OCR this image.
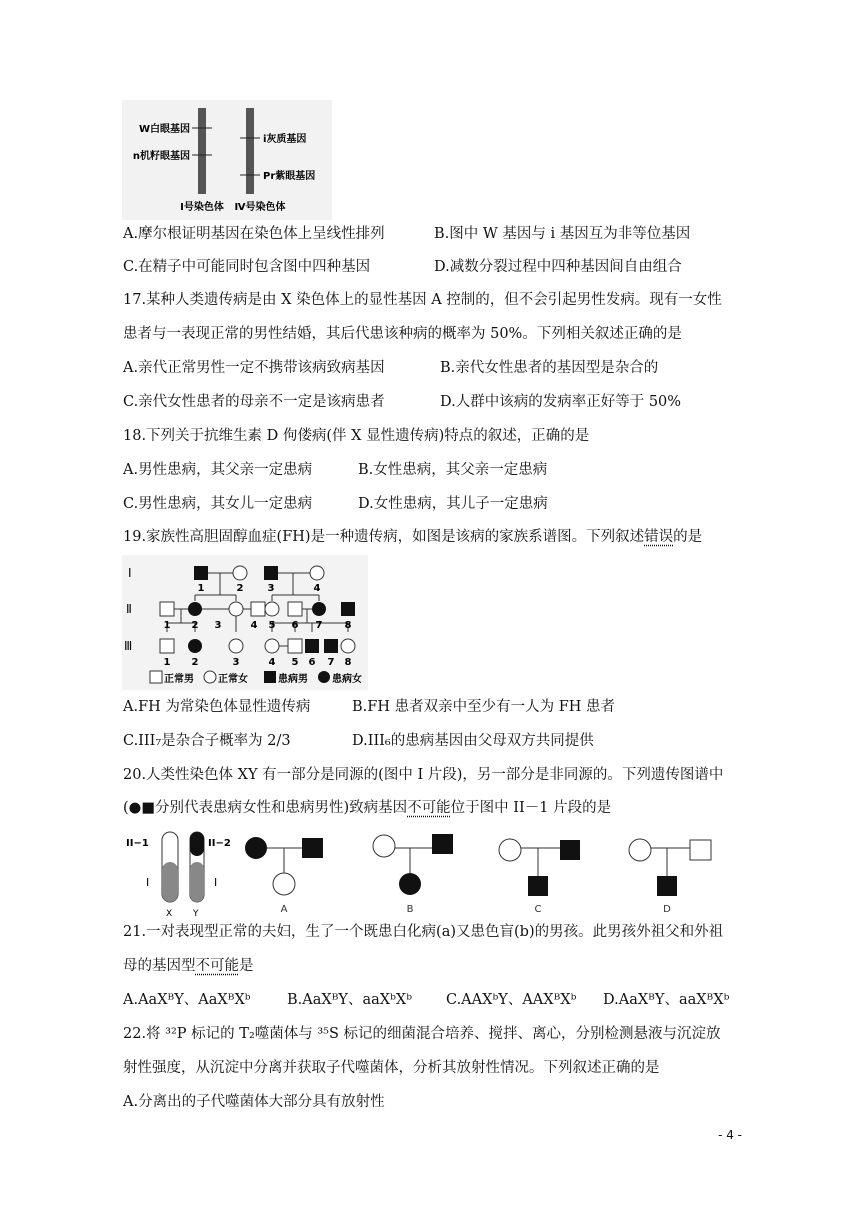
W白眼基因
n机籽眼基因
i灰质基因
Pr紫眼基因
Ⅰ号染色体 Ⅳ号染色体
A.摩尔根证明基因在染色体上呈线性排列	B.图中 W 基因与 i 基因互为非等位基因
C.在精子中可能同时包含图中四种基因	D.减数分裂过程中四种基因间自由组合
17.某种人类遗传病是由 X 染色体上的显性基因 A 控制的，但不会引起男性发病。现有一女性
患者与一表现正常的男性结婚，其后代患该种病的概率为 50%。下列相关叙述正确的是
A.亲代正常男性一定不携带该病致病基因	B.亲代女性患者的基因型是杂合的
C.亲代女性患者的母亲不一定是该病患者	D.人群中该病的发病率正好等于 50%
18.下列关于抗维生素 D 佝偻病(伴 X 显性遗传病)特点的叙述，正确的是
A.男性患病，其父亲一定患病	B.女性患病，其父亲一定患病
C.男性患病，其女儿一定患病	D.女性患病，其儿子一定患病
19.家族性高胆固醇血症(FH)是一种遗传病，如图是该病的家族系谱图。下列叙述错误的是
Ⅰ
Ⅱ
Ⅲ
1	2 3	4
1 2 3	4 5 6 7 8
1 2	3	4 5 6 7 8
正常男 正常女	患病男 患病女
A.FH 为常染色体显性遗传病	B.FH 患者双亲中至少有一人为 FH 患者
C.III₇是杂合子概率为 2/3	D.III₆的患病基因由父母双方共同提供
20.人类性染色体 XY 有一部分是同源的(图中 I 片段)，另一部分是非同源的。下列遗传图谱中
(●■分别代表患病女性和患病男性)致病基因不可能位于图中 II－1 片段的是
II−1	II−2
I	I
X Y	A	B	C	D
21.一对表现型正常的夫妇，生了一个既患白化病(a)又患色盲(b)的男孩。此男孩外祖父和外祖
母的基因型不可能是
A.AaXᴮY、AaXᴮXᵇ	B.AaXᴮY、aaXᵇXᵇ C.AAXᵇY、AAXᴮXᵇ D.AaXᴮY、aaXᴮXᵇ
22.将 ³²P 标记的 T₂噬菌体与 ³⁵S 标记的细菌混合培养、搅拌、离心，分别检测悬液与沉淀放
射性强度，从沉淀中分离并获取子代噬菌体，分析其放射性情况。下列叙述正确的是
A.分离出的子代噬菌体大部分具有放射性
- 4 -
